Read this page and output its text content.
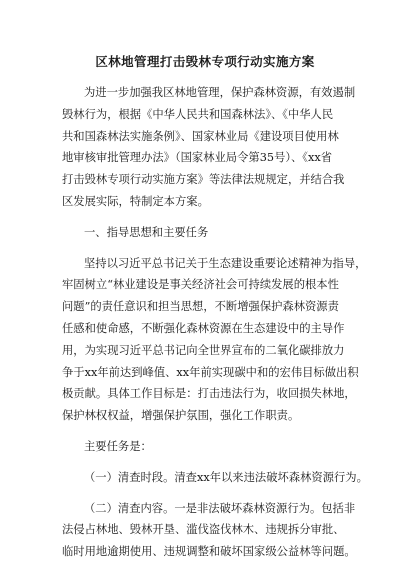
区林地管理打击毁林专项行动实施方案
为进一步加强我区林地管理，保护森林资源，有效遏制
毁林行为，根据《中华人民共和国森林法》、《中华人民
共和国森林法实施条例》、国家林业局《建设项目使用林
地审核审批管理办法》（国家林业局令第35号）、《xx省
打击毁林专项行动实施方案》等法律法规规定，并结合我
区发展实际，特制定本方案。
一、指导思想和主要任务
坚持以习近平总书记关于生态建设重要论述精神为指导，
牢固树立“林业建设是事关经济社会可持续发展的根本性
问题”的责任意识和担当思想，不断增强保护森林资源责
任感和使命感，不断强化森林资源在生态建设中的主导作
用，为实现习近平总书记向全世界宣布的二氧化碳排放力
争于xx年前达到峰值、xx年前实现碳中和的宏伟目标做出积
极贡献。具体工作目标是：打击违法行为，收回损失林地，
保护林权权益，增强保护氛围，强化工作职责。
主要任务是：
（一）清查时段。清查xx年以来违法破坏森林资源行为。
（二）清查内容。一是非法破坏森林资源行为。包括非
法侵占林地、毁林开垦、滥伐盗伐林木、违规拆分审批、
临时用地逾期使用、违规调整和破坏国家级公益林等问题。
